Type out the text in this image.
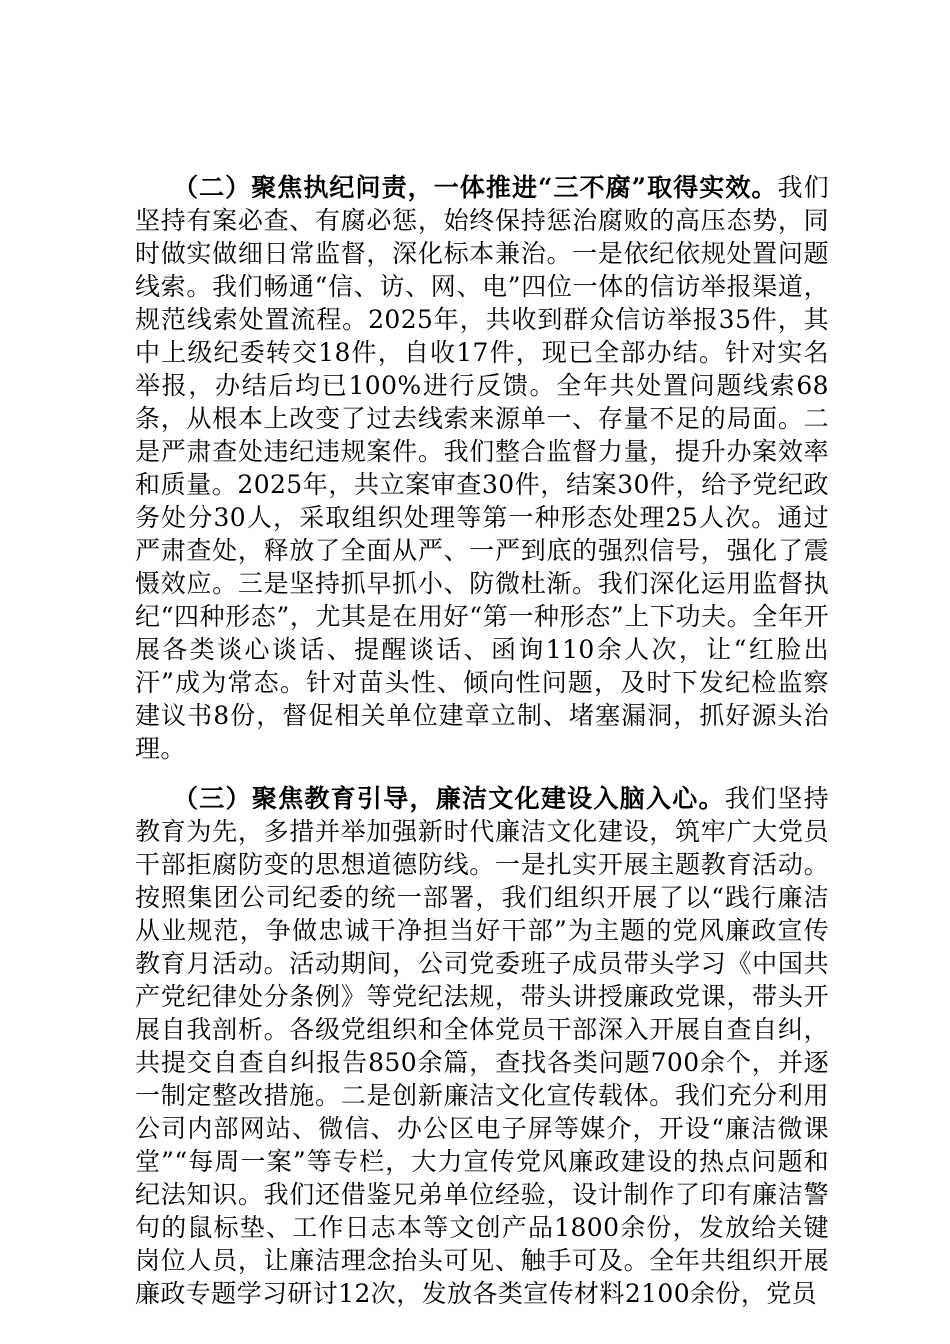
（二）聚焦执纪问责，一体推进“三不腐”取得实效。我们坚持有案必查、有腐必惩，始终保持惩治腐败的高压态势，同时做实做细日常监督，深化标本兼治。一是依纪依规处置问题线索。我们畅通“信、访、网、电”四位一体的信访举报渠道，规范线索处置流程。2025年，共收到群众信访举报35件，其中上级纪委转交18件，自收17件，现已全部办结。针对实名举报，办结后均已100%进行反馈。全年共处置问题线索68条，从根本上改变了过去线索来源单一、存量不足的局面。二是严肃查处违纪违规案件。我们整合监督力量，提升办案效率和质量。2025年，共立案审查30件，结案30件，给予党纪政务处分30人，采取组织处理等第一种形态处理25人次。通过严肃查处，释放了全面从严、一严到底的强烈信号，强化了震慑效应。三是坚持抓早抓小、防微杜渐。我们深化运用监督执纪“四种形态”，尤其是在用好“第一种形态”上下功夫。全年开展各类谈心谈话、提醒谈话、函询110余人次，让“红脸出汗”成为常态。针对苗头性、倾向性问题，及时下发纪检监察建议书8份，督促相关单位建章立制、堵塞漏洞，抓好源头治理。

（三）聚焦教育引导，廉洁文化建设入脑入心。我们坚持教育为先，多措并举加强新时代廉洁文化建设，筑牢广大党员干部拒腐防变的思想道德防线。一是扎实开展主题教育活动。按照集团公司纪委的统一部署，我们组织开展了以“践行廉洁从业规范，争做忠诚干净担当好干部”为主题的党风廉政宣传教育月活动。活动期间，公司党委班子成员带头学习《中国共产党纪律处分条例》等党纪法规，带头讲授廉政党课，带头开展自我剖析。各级党组织和全体党员干部深入开展自查自纠，共提交自查自纠报告850余篇，查找各类问题700余个，并逐一制定整改措施。二是创新廉洁文化宣传载体。我们充分利用公司内部网站、微信、办公区电子屏等媒介，开设“廉洁微课堂”“每周一案”等专栏，大力宣传党风廉政建设的热点问题和纪法知识。我们还借鉴兄弟单位经验，设计制作了印有廉洁警句的鼠标垫、工作日志本等文创产品1800余份，发放给关键岗位人员，让廉洁理念抬头可见、触手可及。全年共组织开展廉政专题学习研讨12次，发放各类宣传材料2100余份，党员
